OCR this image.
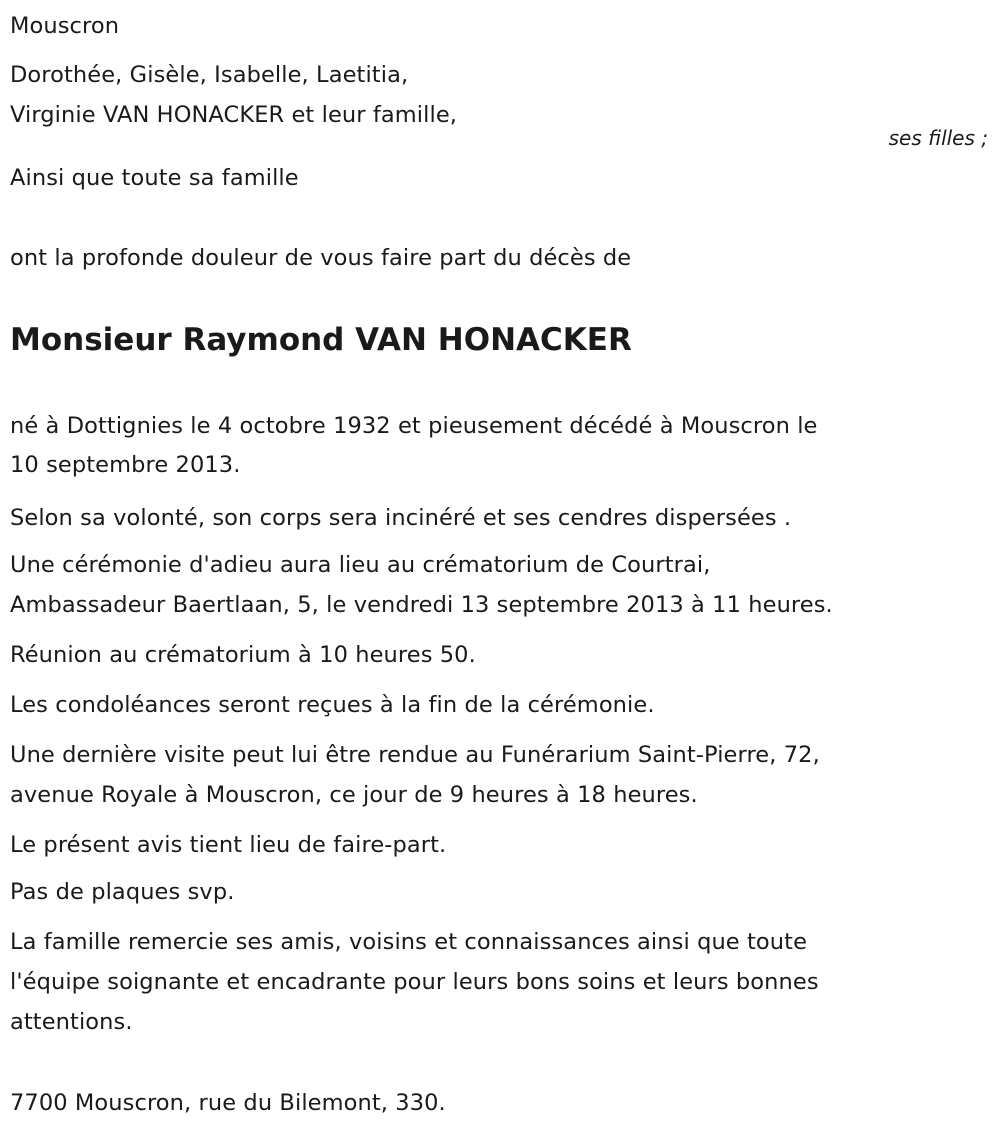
Mouscron
Dorothée, Gisèle, Isabelle, Laetitia,
Virginie VAN HONACKER et leur famille,
ses filles ;
Ainsi que toute sa famille
ont la profonde douleur de vous faire part du décès de
Monsieur Raymond VAN HONACKER
né à Dottignies le 4 octobre 1932 et pieusement décédé à Mouscron le
10 septembre 2013.
Selon sa volonté, son corps sera incinéré et ses cendres dispersées .
Une cérémonie d'adieu aura lieu au crématorium de Courtrai,
Ambassadeur Baertlaan, 5, le vendredi 13 septembre 2013 à 11 heures.
Réunion au crématorium à 10 heures 50.
Les condoléances seront reçues à la fin de la cérémonie.
Une dernière visite peut lui être rendue au Funérarium Saint-Pierre, 72,
avenue Royale à Mouscron, ce jour de 9 heures à 18 heures.
Le présent avis tient lieu de faire-part.
Pas de plaques svp.
La famille remercie ses amis, voisins et connaissances ainsi que toute
l'équipe soignante et encadrante pour leurs bons soins et leurs bonnes
attentions.
7700 Mouscron, rue du Bilemont, 330.
